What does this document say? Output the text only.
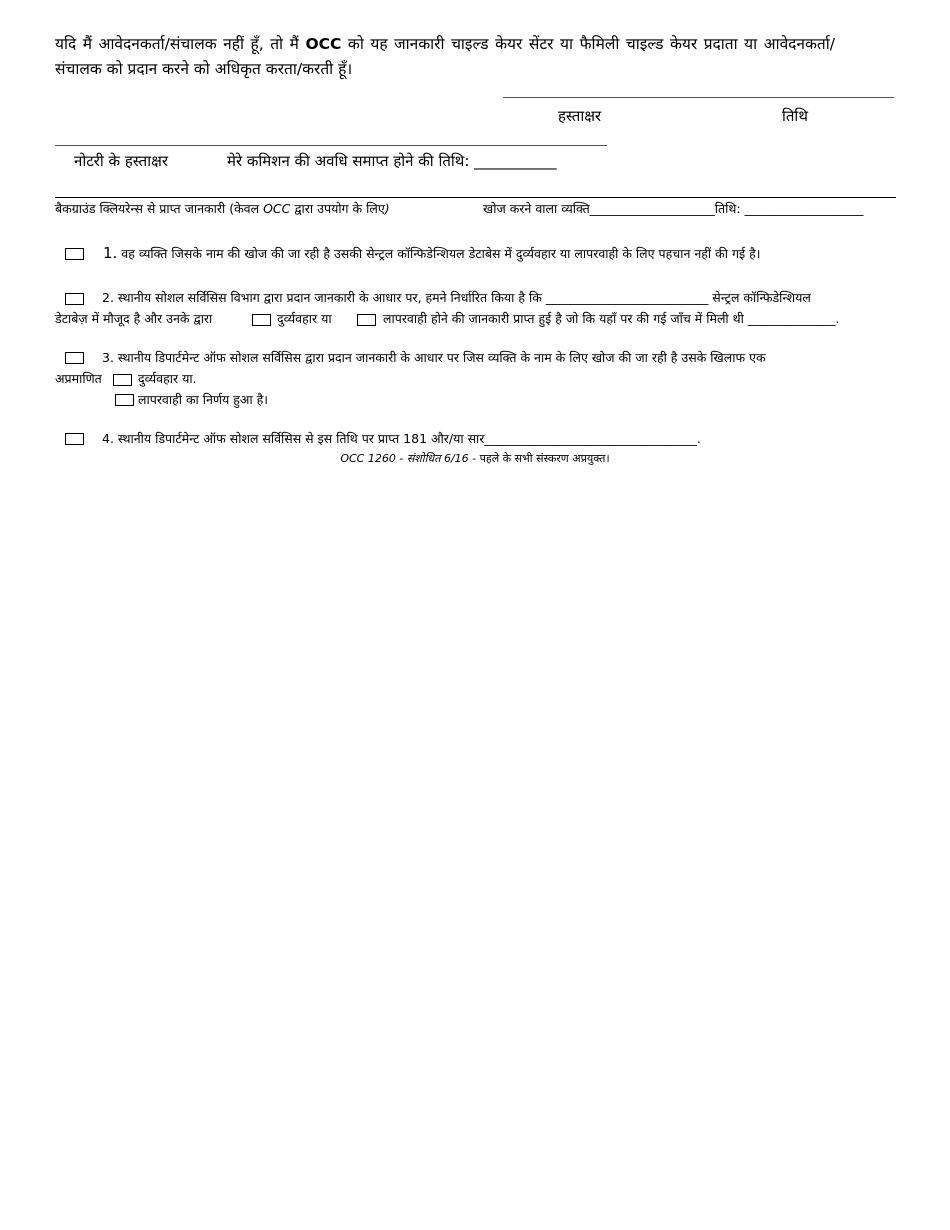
यदि मैं आवेदनकर्ता/संचालक नहीं हूँ, तो मैं OCC को यह जानकारी चाइल्ड केयर सेंटर या फैमिली चाइल्ड केयर प्रदाता या आवेदनकर्ता/संचालक को प्रदान करने को अधिकृत करता/करती हूँ।
हस्ताक्षर	तिथि
नोटरी के हस्ताक्षर	मेरे कमिशन की अवधि समाप्त होने की तिथि: ___________
बैकग्राउंड क्लियरेन्स से प्राप्त जानकारी (केवल OCC द्वारा उपयोग के लिए)	खोज करने वाला व्यक्ति____________________तिथि: ___________________
1. वह व्यक्ति जिसके नाम की खोज की जा रही है उसकी सेन्ट्रल कॉन्फिडेन्शियल डेटाबेस में दुर्व्यवहार या लापरवाही के लिए पहचान नहीं की गई है।
2. स्थानीय सोशल सर्विसिस विभाग द्वारा प्रदान जानकारी के आधार पर, हमने निर्धारित किया है कि __________________________ सेन्ट्रल कॉन्फिडेन्शियल
डेटाबेज़ में मौजूद है और उनके द्वारा	दुर्व्यवहार या	लापरवाही होने की जानकारी प्राप्त हुई है जो कि यहाँ पर की गई जाँच में मिली थी ______________.
3. स्थानीय डिपार्टमेन्ट ऑफ सोशल सर्विसिस द्वारा प्रदान जानकारी के आधार पर जिस व्यक्ति के नाम के लिए खोज की जा रही है उसके खिलाफ एक
अप्रमाणित	दुर्व्यवहार या.
लापरवाही का निर्णय हुआ है।
4. स्थानीय डिपार्टमेन्ट ऑफ सोशल सर्विसिस से इस तिथि पर प्राप्त 181 और/या सार__________________________________.
OCC 1260 - संशोधित 6/16 - पहले के सभी संस्करण अप्रयुक्त।
